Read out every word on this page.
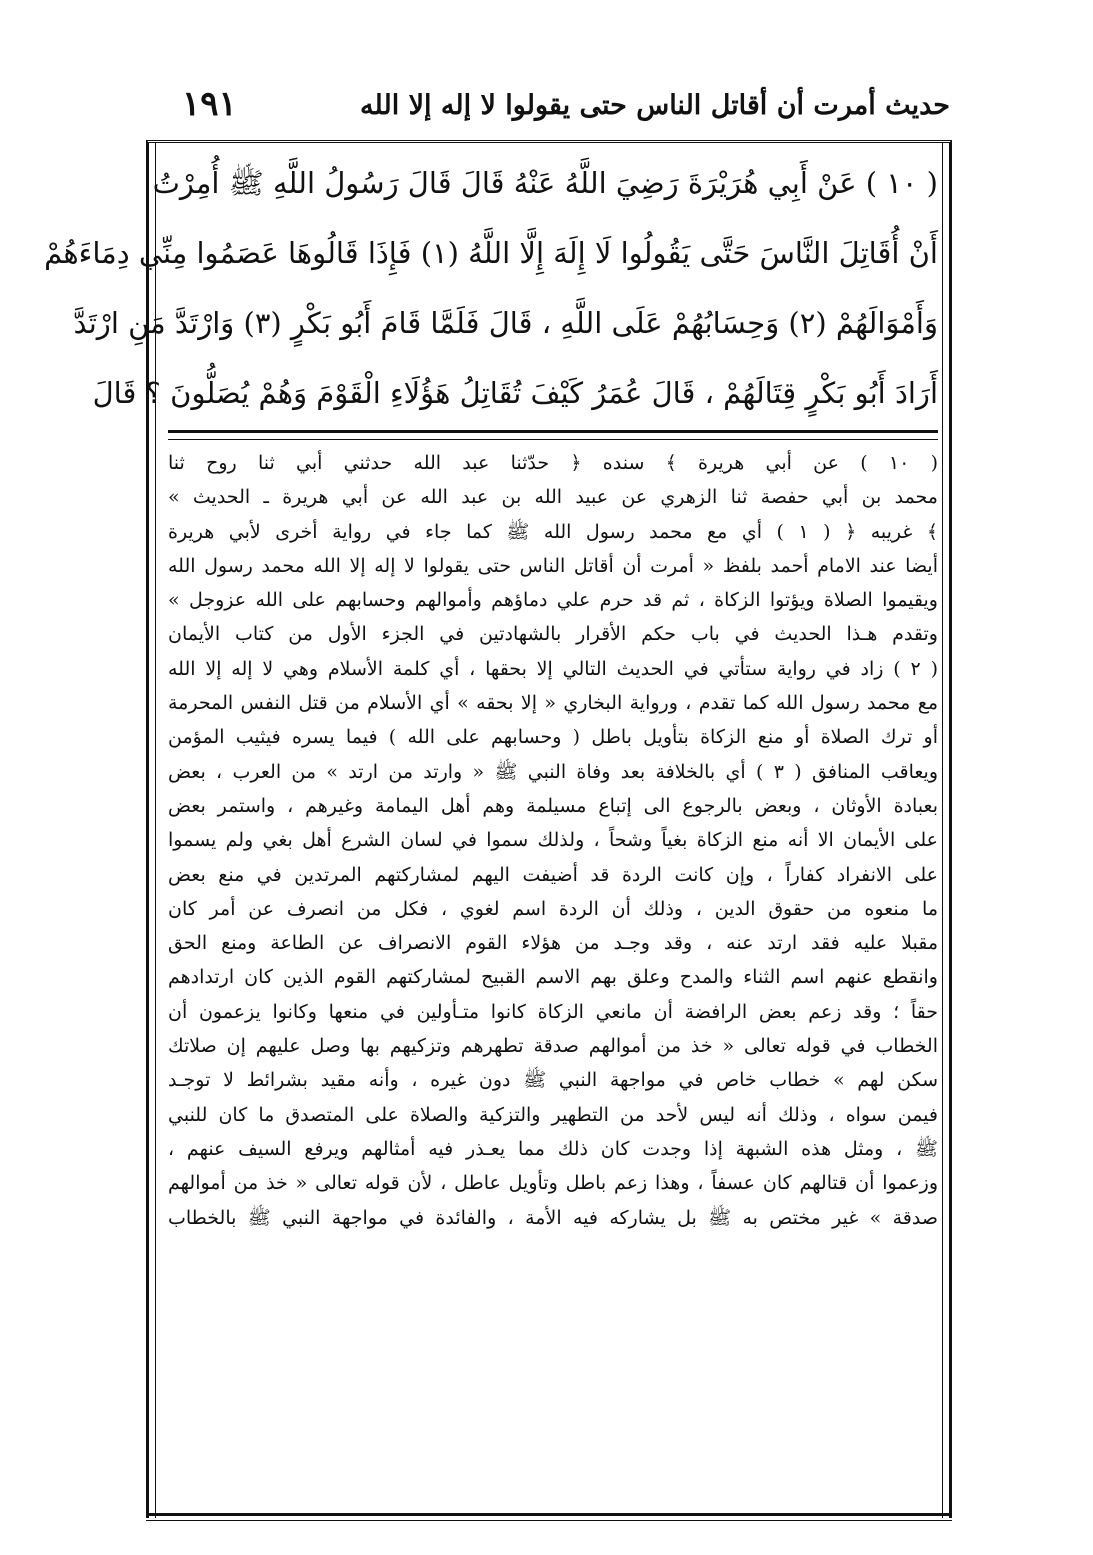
حديث أمرت أن أقاتل الناس حتى يقولوا لا إله إلا الله
١٩١
( ١٠ ) عَنْ أَبِي هُرَيْرَةَ رَضِيَ اللَّهُ عَنْهُ قَالَ قَالَ رَسُولُ اللَّهِ ﷺ أُمِرْتُ
أَنْ أُقَاتِلَ النَّاسَ حَتَّى يَقُولُوا لَا إِلَهَ إِلَّا اللَّهُ (١) فَإِذَا قَالُوهَا عَصَمُوا مِنِّي دِمَاءَهُمْ
وَأَمْوَالَهُمْ (٢) وَحِسَابُهُمْ عَلَى اللَّهِ ، قَالَ فَلَمَّا قَامَ أَبُو بَكْرٍ (٣) وَارْتَدَّ مَنِ ارْتَدَّ
أَرَادَ أَبُو بَكْرٍ قِتَالَهُمْ ، قَالَ عُمَرُ كَيْفَ تُقَاتِلُ هَؤُلَاءِ الْقَوْمَ وَهُمْ يُصَلُّونَ ؟ قَالَ
( ١٠ ) عن أبي هريرة ﴾ سنده ﴿ حدّثنا عبد الله حدثني أبي ثنا روح ثنا
محمد بن أبي حفصة ثنا الزهري عن عبيد الله بن عبد الله عن أبي هريرة ـ الحديث »
﴾ غريبه ﴿ ( ١ ) أي مع محمد رسول الله ﷺ كما جاء في رواية أخرى لأبي هريرة
أيضا عند الامام أحمد بلفظ « أمرت أن أقاتل الناس حتى يقولوا لا إله إلا الله محمد رسول الله
ويقيموا الصلاة ويؤتوا الزكاة ، ثم قد حرم علي دماؤهم وأموالهم وحسابهم على الله عزوجل »
وتقدم هـذا الحديث في باب حكم الأقرار بالشهادتين في الجزء الأول من كتاب الأيمان
( ٢ ) زاد في رواية ستأتي في الحديث التالي إلا بحقها ، أي كلمة الأسلام وهي لا إله إلا الله
مع محمد رسول الله كما تقدم ، ورواية البخاري « إلا بحقه » أي الأسلام من قتل النفس المحرمة
أو ترك الصلاة أو منع الزكاة بتأويل باطل ( وحسابهم على الله ) فيما يسره فيثيب المؤمن
ويعاقب المنافق ( ٣ ) أي بالخلافة بعد وفاة النبي ﷺ « وارتد من ارتد » من العرب ، بعض
بعبادة الأوثان ، وبعض بالرجوع الى إتباع مسيلمة وهم أهل اليمامة وغيرهم ، واستمر بعض
على الأيمان الا أنه منع الزكاة بغياً وشحاً ، ولذلك سموا في لسان الشرع أهل بغي ولم يسموا
على الانفراد كفاراً ، وإن كانت الردة قد أضيفت اليهم لمشاركتهم المرتدين في منع بعض
ما منعوه من حقوق الدين ، وذلك أن الردة اسم لغوي ، فكل من انصرف عن أمر كان
مقبلا عليه فقد ارتد عنه ، وقد وجـد من هؤلاء القوم الانصراف عن الطاعة ومنع الحق
وانقطع عنهم اسم الثناء والمدح وعلق بهم الاسم القبيح لمشاركتهم القوم الذين كان ارتدادهم
حقاً ؛ وقد زعم بعض الرافضة أن مانعي الزكاة كانوا متـأولين في منعها وكانوا يزعمون أن
الخطاب في قوله تعالى « خذ من أموالهم صدقة تطهرهم وتزكيهم بها وصل عليهم إن صلاتك
سكن لهم » خطاب خاص في مواجهة النبي ﷺ دون غيره ، وأنه مقيد بشرائط لا توجـد
فيمن سواه ، وذلك أنه ليس لأحد من التطهير والتزكية والصلاة على المتصدق ما كان للنبي
ﷺ ، ومثل هذه الشبهة إذا وجدت كان ذلك مما يعـذر فيه أمثالهم ويرفع السيف عنهم ،
وزعموا أن قتالهم كان عسفاً ، وهذا زعم باطل وتأويل عاطل ، لأن قوله تعالى « خذ من أموالهم
صدقة » غير مختص به ﷺ بل يشاركه فيه الأمة ، والفائدة في مواجهة النبي ﷺ بالخطاب
